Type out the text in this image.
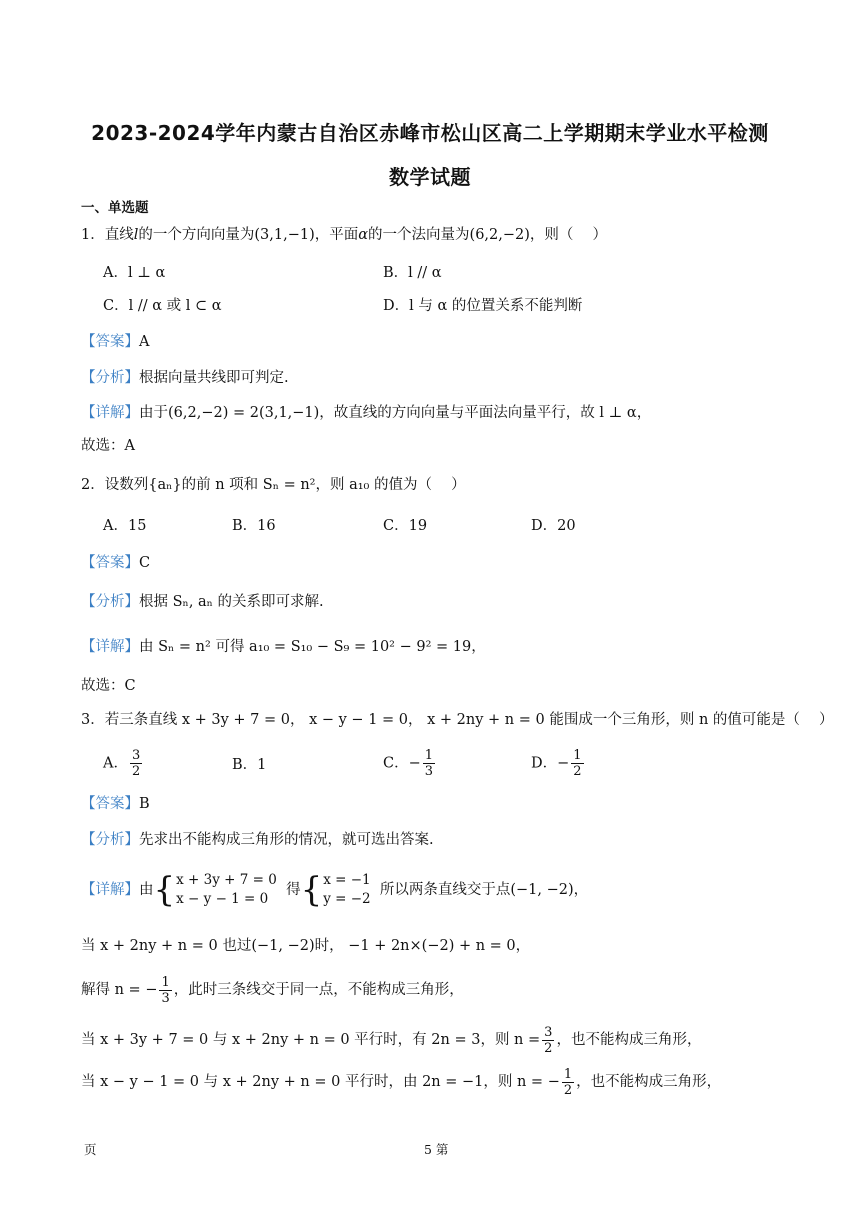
2023-2024学年内蒙古自治区赤峰市松山区高二上学期期末学业水平检测
数学试题
一、单选题
1．直线l的一个方向向量为(3,1,−1)，平面α的一个法向量为(6,2,−2)，则（　 ）
A．l ⊥ α	B．l // α
C．l // α 或 l ⊂ α	D．l 与 α 的位置关系不能判断
【答案】A
【分析】根据向量共线即可判定.
【详解】由于(6,2,−2) = 2(3,1,−1)，故直线的方向向量与平面法向量平行，故 l ⊥ α，
故选：A
2．设数列{aₙ}的前 n 项和 Sₙ = n²，则 a₁₀ 的值为（　 ）
A．15	B．16	C．19	D．20
【答案】C
【分析】根据 Sₙ, aₙ 的关系即可求解.
【详解】由 Sₙ = n² 可得 a₁₀ = S₁₀ − S₉ = 10² − 9² = 19，
故选：C
3．若三条直线 x + 3y + 7 = 0， x − y − 1 = 0， x + 2ny + n = 0 能围成一个三角形，则 n 的值可能是（　 ）
A． $\frac{3}{2}$	B．1	C．− $\frac{1}{3}$	D．− $\frac{1}{2}$
【答案】B
【分析】先求出不能构成三角形的情况，就可选出答案.
【详解】由{ x + 3y + 7 = 0
x − y − 1 = 0
得{ x = −1
y = −2
所以两条直线交于点(−1, −2)，
当 x + 2ny + n = 0 也过(−1, −2)时， −1 + 2n×(−2) + n = 0，
解得 n = − $\frac{1}{3}$ ，此时三条线交于同一点，不能构成三角形，
当 x + 3y + 7 = 0 与 x + 2ny + n = 0 平行时，有 2n = 3，则 $n = \frac{3}{2}$ ，也不能构成三角形，
当 x − y − 1 = 0 与 x + 2ny + n = 0 平行时，由 2n = −1，则 n = − $\frac{1}{2}$ ，也不能构成三角形，
页	5 第
